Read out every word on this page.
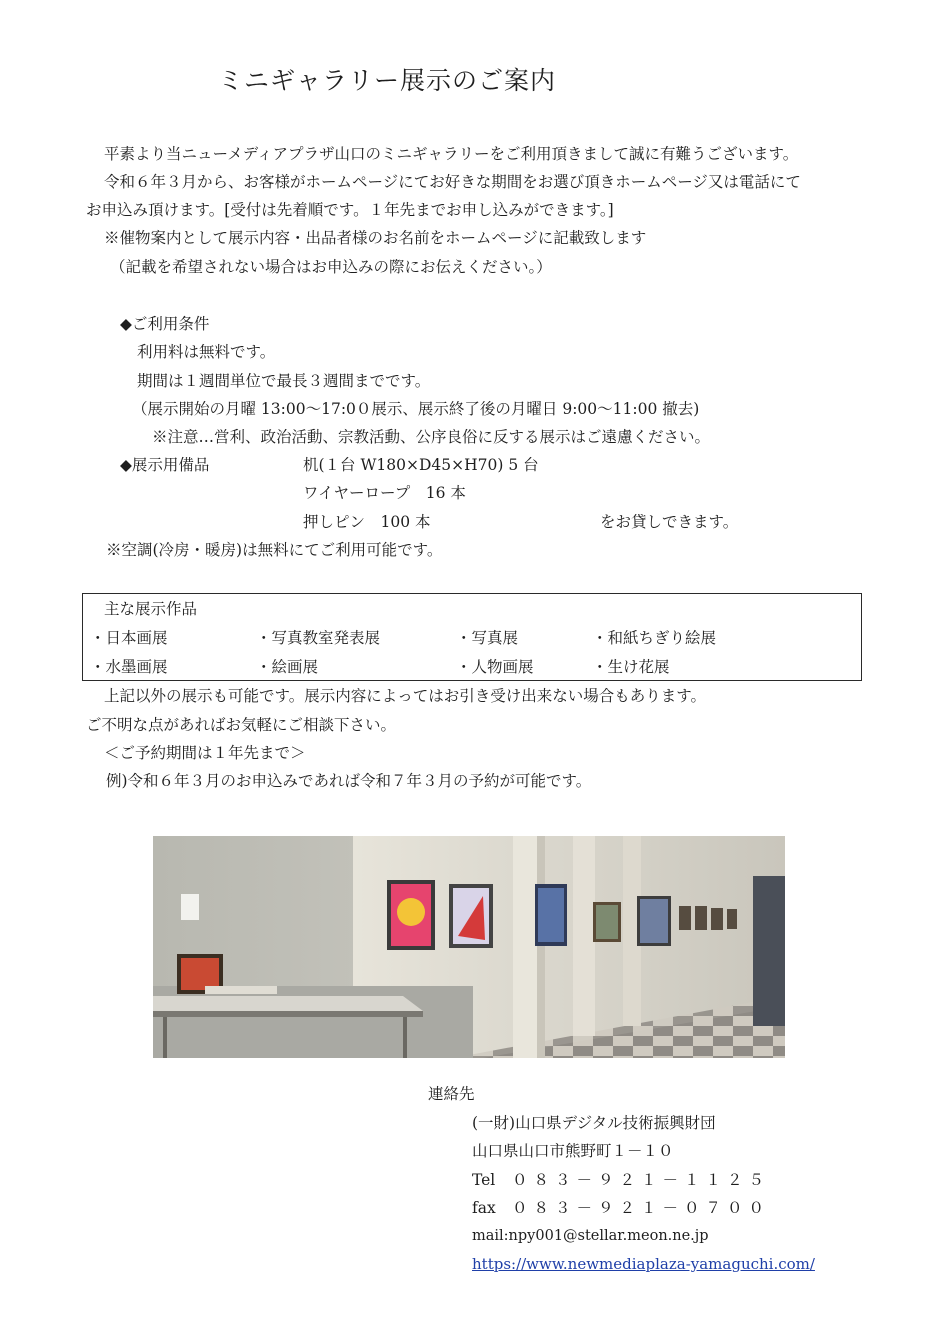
ミニギャラリー展示のご案内
平素より当ニューメディアプラザ山口のミニギャラリーをご利用頂きまして誠に有難うございます。
令和６年３月から、お客様がホームページにてお好きな期間をお選び頂きホームページ又は電話にて
お申込み頂けます。[受付は先着順です。１年先までお申し込みができます。]
※催物案内として展示内容・出品者様のお名前をホームページに記載致します
（記載を希望されない場合はお申込みの際にお伝えください。）
◆ご利用条件
利用料は無料です。
期間は１週間単位で最長３週間までです。
（展示開始の月曜 13:00～17:0０展示、展示終了後の月曜日 9:00～11:00 撤去)
※注意…営利、政治活動、宗教活動、公序良俗に反する展示はご遠慮ください。
◆展示用備品	机(１台 W180×D45×H70) 5 台
ワイヤーロープ　16 本
押しピン　100 本	をお貸しできます。
※空調(冷房・暖房)は無料にてご利用可能です。
主な展示作品
・日本画展	・写真教室発表展	・写真展	・和紙ちぎり絵展
・水墨画展	・絵画展	・人物画展	・生け花展
上記以外の展示も可能です。展示内容によってはお引き受け出来ない場合もあります。
ご不明な点があればお気軽にご相談下さい。
＜ご予約期間は１年先まで＞
例)令和６年３月のお申込みであれば令和７年３月の予約が可能です。
連絡先
(一財)山口県デジタル技術振興財団
山口県山口市熊野町１－１０
Tel ０８３－９２１－１１２５
fax ０８３－９２１－０７００
mail:npy001@stellar.meon.ne.jp
https://www.newmediaplaza-yamaguchi.com/
